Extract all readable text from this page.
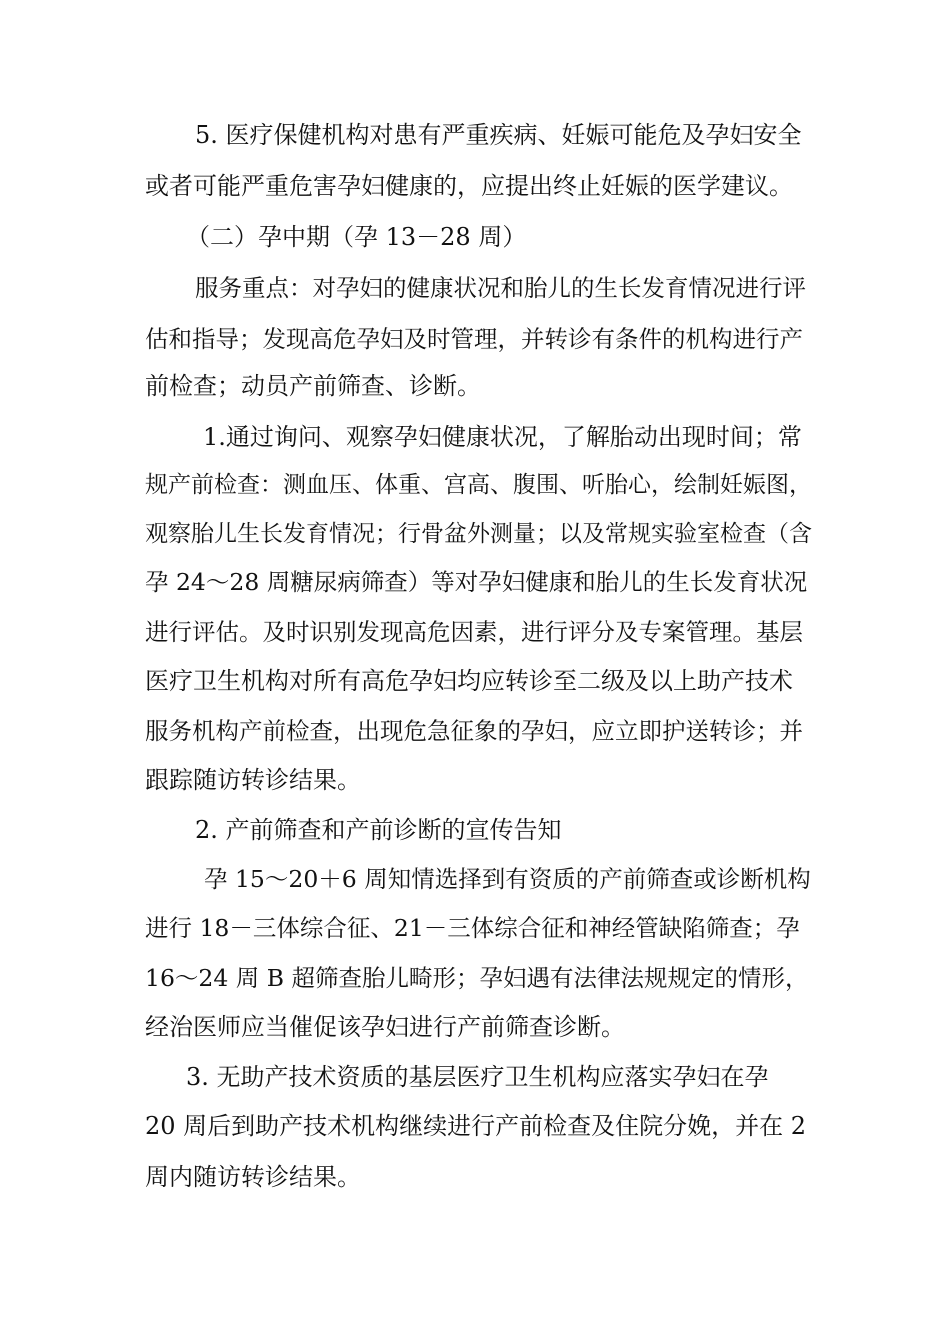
5. 医疗保健机构对患有严重疾病、妊娠可能危及孕妇安全
或者可能严重危害孕妇健康的，应提出终止妊娠的医学建议。
（二）孕中期（孕 13－28 周）
服务重点：对孕妇的健康状况和胎儿的生长发育情况进行评
估和指导；发现高危孕妇及时管理，并转诊有条件的机构进行产
前检查；动员产前筛查、诊断。
1.通过询问、观察孕妇健康状况，了解胎动出现时间；常
规产前检查：测血压、体重、宫高、腹围、听胎心，绘制妊娠图，
观察胎儿生长发育情况；行骨盆外测量；以及常规实验室检查（含
孕 24～28 周糖尿病筛查）等对孕妇健康和胎儿的生长发育状况
进行评估。及时识别发现高危因素，进行评分及专案管理。基层
医疗卫生机构对所有高危孕妇均应转诊至二级及以上助产技术
服务机构产前检查，出现危急征象的孕妇，应立即护送转诊；并
跟踪随访转诊结果。
2. 产前筛查和产前诊断的宣传告知
孕 15～20＋6 周知情选择到有资质的产前筛查或诊断机构
进行 18－三体综合征、21－三体综合征和神经管缺陷筛查；孕
16～24 周 B 超筛查胎儿畸形；孕妇遇有法律法规规定的情形，
经治医师应当催促该孕妇进行产前筛查诊断。
3. 无助产技术资质的基层医疗卫生机构应落实孕妇在孕
20 周后到助产技术机构继续进行产前检查及住院分娩，并在 2
周内随访转诊结果。
